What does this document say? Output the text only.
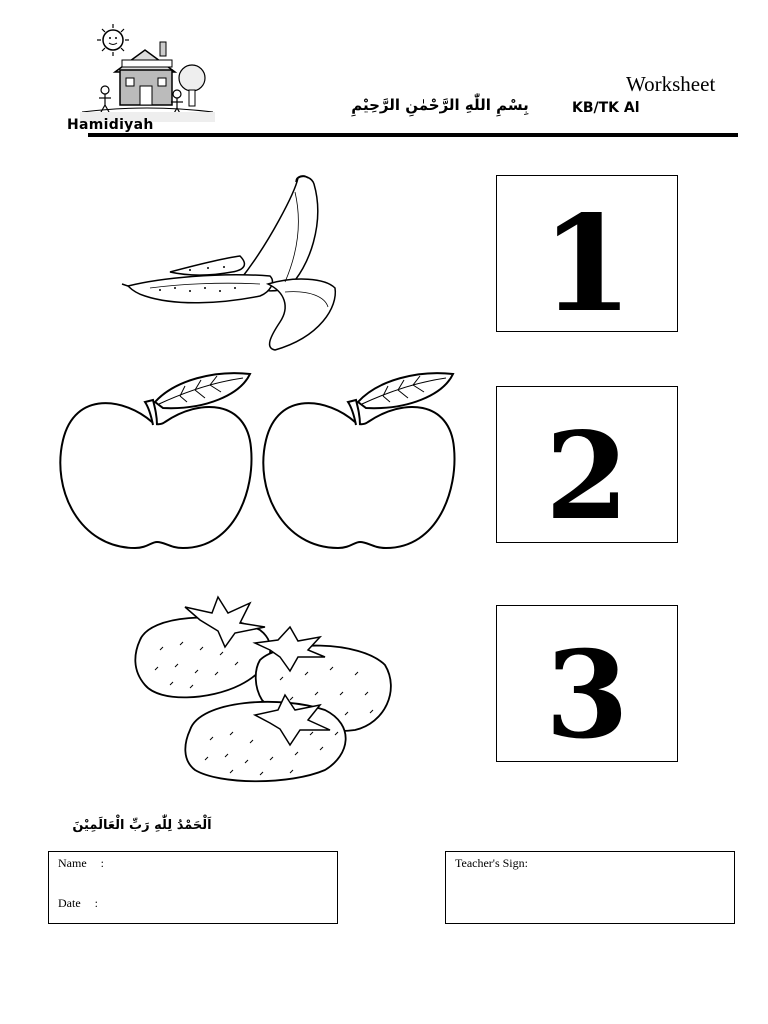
Hamidiyah
Worksheet
بِسْمِ اللّٰهِ الرَّحْمٰنِ الرَّحِيْمِ	KB/TK Al
1
2
3
اَلْحَمْدُ لِلّٰهِ رَبِّ الْعَالَمِيْنَ
Name :
Date :
Teacher's Sign:
